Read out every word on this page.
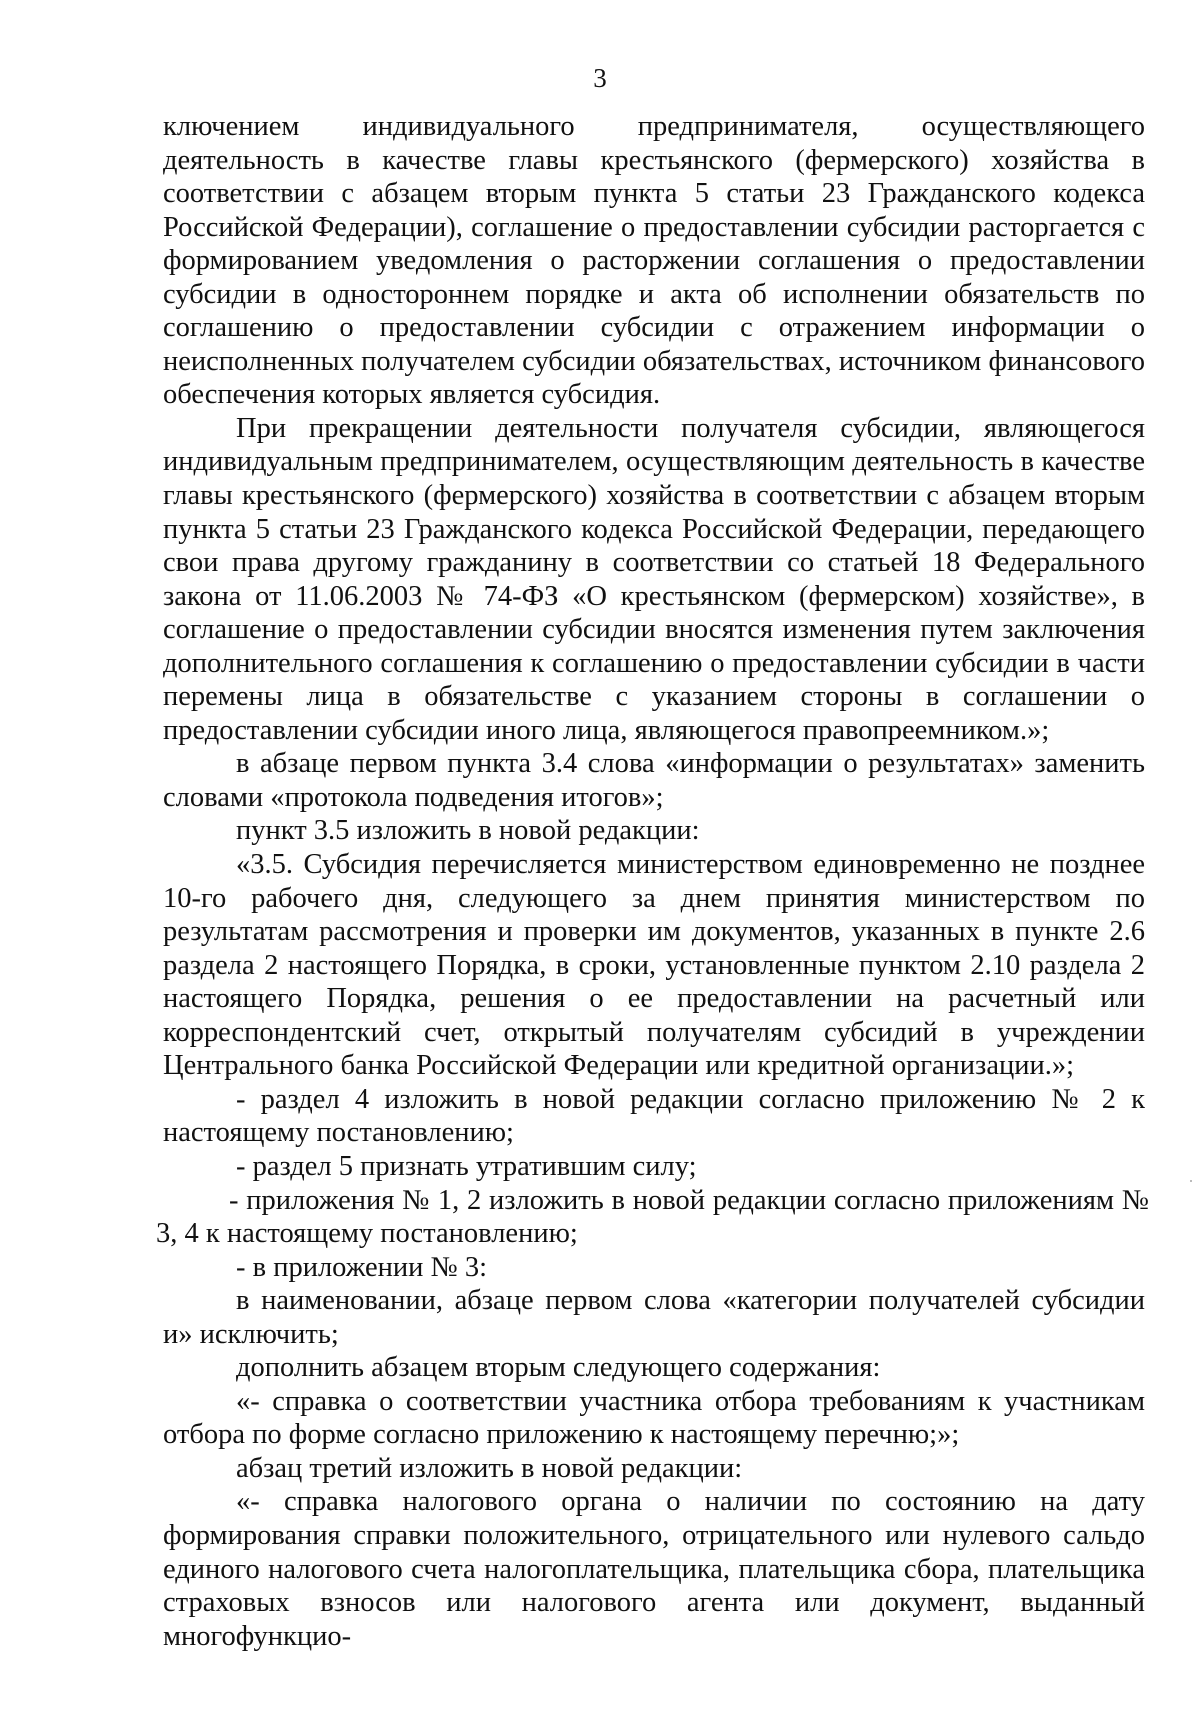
3

ключением индивидуального предпринимателя, осуществляющего деятельность в качестве главы крестьянского (фермерского) хозяйства в соответствии с абзацем вторым пункта 5 статьи 23 Гражданского кодекса Российской Федерации), соглашение о предоставлении субсидии расторгается с формированием уведомления о расторжении соглашения о предоставлении субсидии в одностороннем порядке и акта об исполнении обязательств по соглашению о предоставлении субсидии с отражением информации о неисполненных получателем субсидии обязательствах, источником финансового обеспечения которых является субсидия.

При прекращении деятельности получателя субсидии, являющегося индивидуальным предпринимателем, осуществляющим деятельность в качестве главы крестьянского (фермерского) хозяйства в соответствии с абзацем вторым пункта 5 статьи 23 Гражданского кодекса Российской Федерации, передающего свои права другому гражданину в соответствии со статьей 18 Федерального закона от 11.06.2003 № 74-ФЗ «О крестьянском (фермерском) хозяйстве», в соглашение о предоставлении субсидии вносятся изменения путем заключения дополнительного соглашения к соглашению о предоставлении субсидии в части перемены лица в обязательстве с указанием стороны в соглашении о предоставлении субсидии иного лица, являющегося правопреемником.»;

в абзаце первом пункта 3.4 слова «информации о результатах» заменить словами «протокола подведения итогов»;

пункт 3.5 изложить в новой редакции:

«3.5. Субсидия перечисляется министерством единовременно не позднее 10-го рабочего дня, следующего за днем принятия министерством по результатам рассмотрения и проверки им документов, указанных в пункте 2.6 раздела 2 настоящего Порядка, в сроки, установленные пунктом 2.10 раздела 2 настоящего Порядка, решения о ее предоставлении на расчетный или корреспондентский счет, открытый получателям субсидий в учреждении Центрального банка Российской Федерации или кредитной организации.»;

- раздел 4 изложить в новой редакции согласно приложению № 2 к настоящему постановлению;

- раздел 5 признать утратившим силу;

- приложения № 1, 2 изложить в новой редакции согласно приложениям № 3, 4 к настоящему постановлению;

- в приложении № 3:

в наименовании, абзаце первом слова «категории получателей субсидии и» исключить;

дополнить абзацем вторым следующего содержания:

«- справка о соответствии участника отбора требованиям к участникам отбора по форме согласно приложению к настоящему перечню;»;

абзац третий изложить в новой редакции:

«- справка налогового органа о наличии по состоянию на дату формирования справки положительного, отрицательного или нулевого сальдо единого налогового счета налогоплательщика, плательщика сбора, плательщика страховых взносов или налогового агента или документ, выданный многофункцио-
